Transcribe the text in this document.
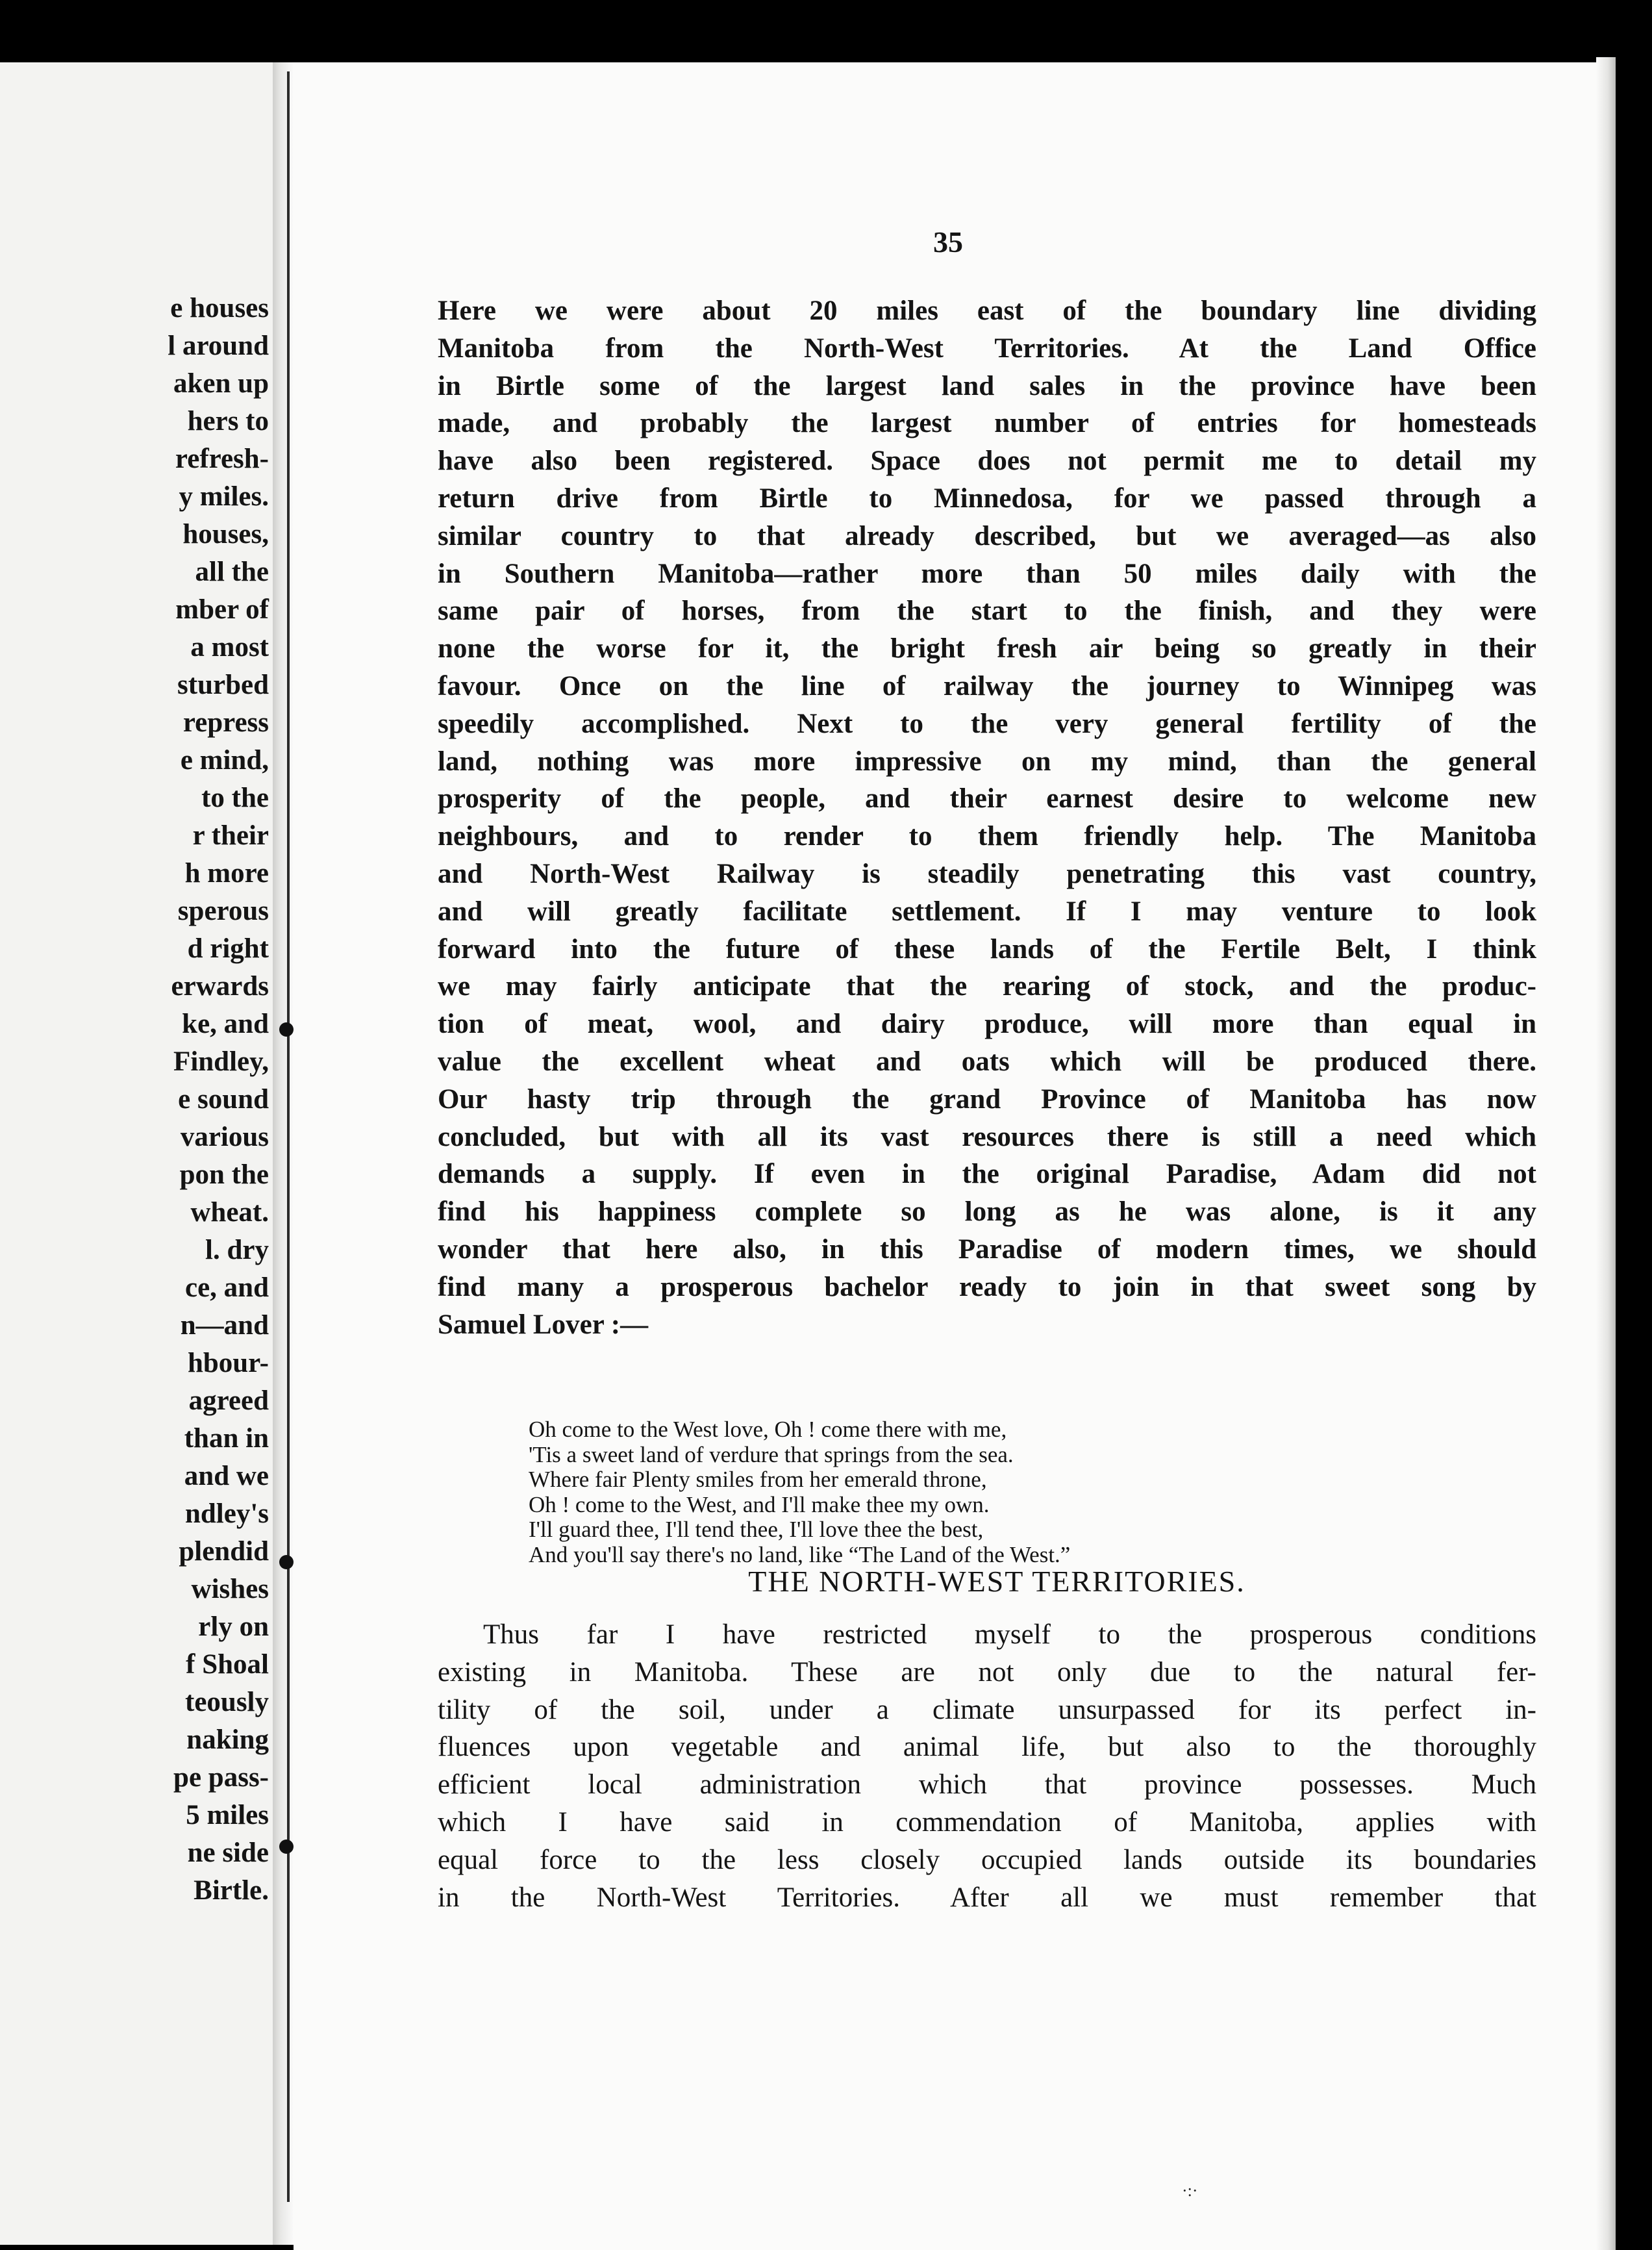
e houses
l around
aken up
hers to
refresh-
y miles.
houses,
all the
mber of
a most
sturbed
repress
e mind,
to the
r their
h more
sperous
d right
erwards
ke, and
Findley,
e sound
various
pon the
wheat.
l. dry
ce, and
n—and
hbour-
agreed
than in
and we
ndley's
plendid
wishes
rly on
f Shoal
teously
naking
pe pass-
5 miles
ne side
Birtle.
35
Here we were about 20 miles east of the boundary line dividing
Manitoba from the North-West Territories. At the Land Office
in Birtle some of the largest land sales in the province have been
made, and probably the largest number of entries for homesteads
have also been registered. Space does not permit me to detail my
return drive from Birtle to Minnedosa, for we passed through a
similar country to that already described, but we averaged—as also
in Southern Manitoba—rather more than 50 miles daily with the
same pair of horses, from the start to the finish, and they were
none the worse for it, the bright fresh air being so greatly in their
favour. Once on the line of railway the journey to Winnipeg was
speedily accomplished. Next to the very general fertility of the
land, nothing was more impressive on my mind, than the general
prosperity of the people, and their earnest desire to welcome new
neighbours, and to render to them friendly help. The Manitoba
and North-West Railway is steadily penetrating this vast country,
and will greatly facilitate settlement. If I may venture to look
forward into the future of these lands of the Fertile Belt, I think
we may fairly anticipate that the rearing of stock, and the produc-
tion of meat, wool, and dairy produce, will more than equal in
value the excellent wheat and oats which will be produced there.
Our hasty trip through the grand Province of Manitoba has now
concluded, but with all its vast resources there is still a need which
demands a supply. If even in the original Paradise, Adam did not
find his happiness complete so long as he was alone, is it any
wonder that here also, in this Paradise of modern times, we should
find many a prosperous bachelor ready to join in that sweet song by
Samuel Lover :—
Oh come to the West love, Oh ! come there with me,
'Tis a sweet land of verdure that springs from the sea.
Where fair Plenty smiles from her emerald throne,
Oh ! come to the West, and I'll make thee my own.
I'll guard thee, I'll tend thee, I'll love thee the best,
And you'll say there's no land, like “The Land of the West.”
THE NORTH-WEST TERRITORIES.
Thus far I have restricted myself to the prosperous conditions
existing in Manitoba. These are not only due to the natural fer-
tility of the soil, under a climate unsurpassed for its perfect in-
fluences upon vegetable and animal life, but also to the thoroughly
efficient local administration which that province possesses. Much
which I have said in commendation of Manitoba, applies with
equal force to the less closely occupied lands outside its boundaries
in the North-West Territories. After all we must remember that
·:·
